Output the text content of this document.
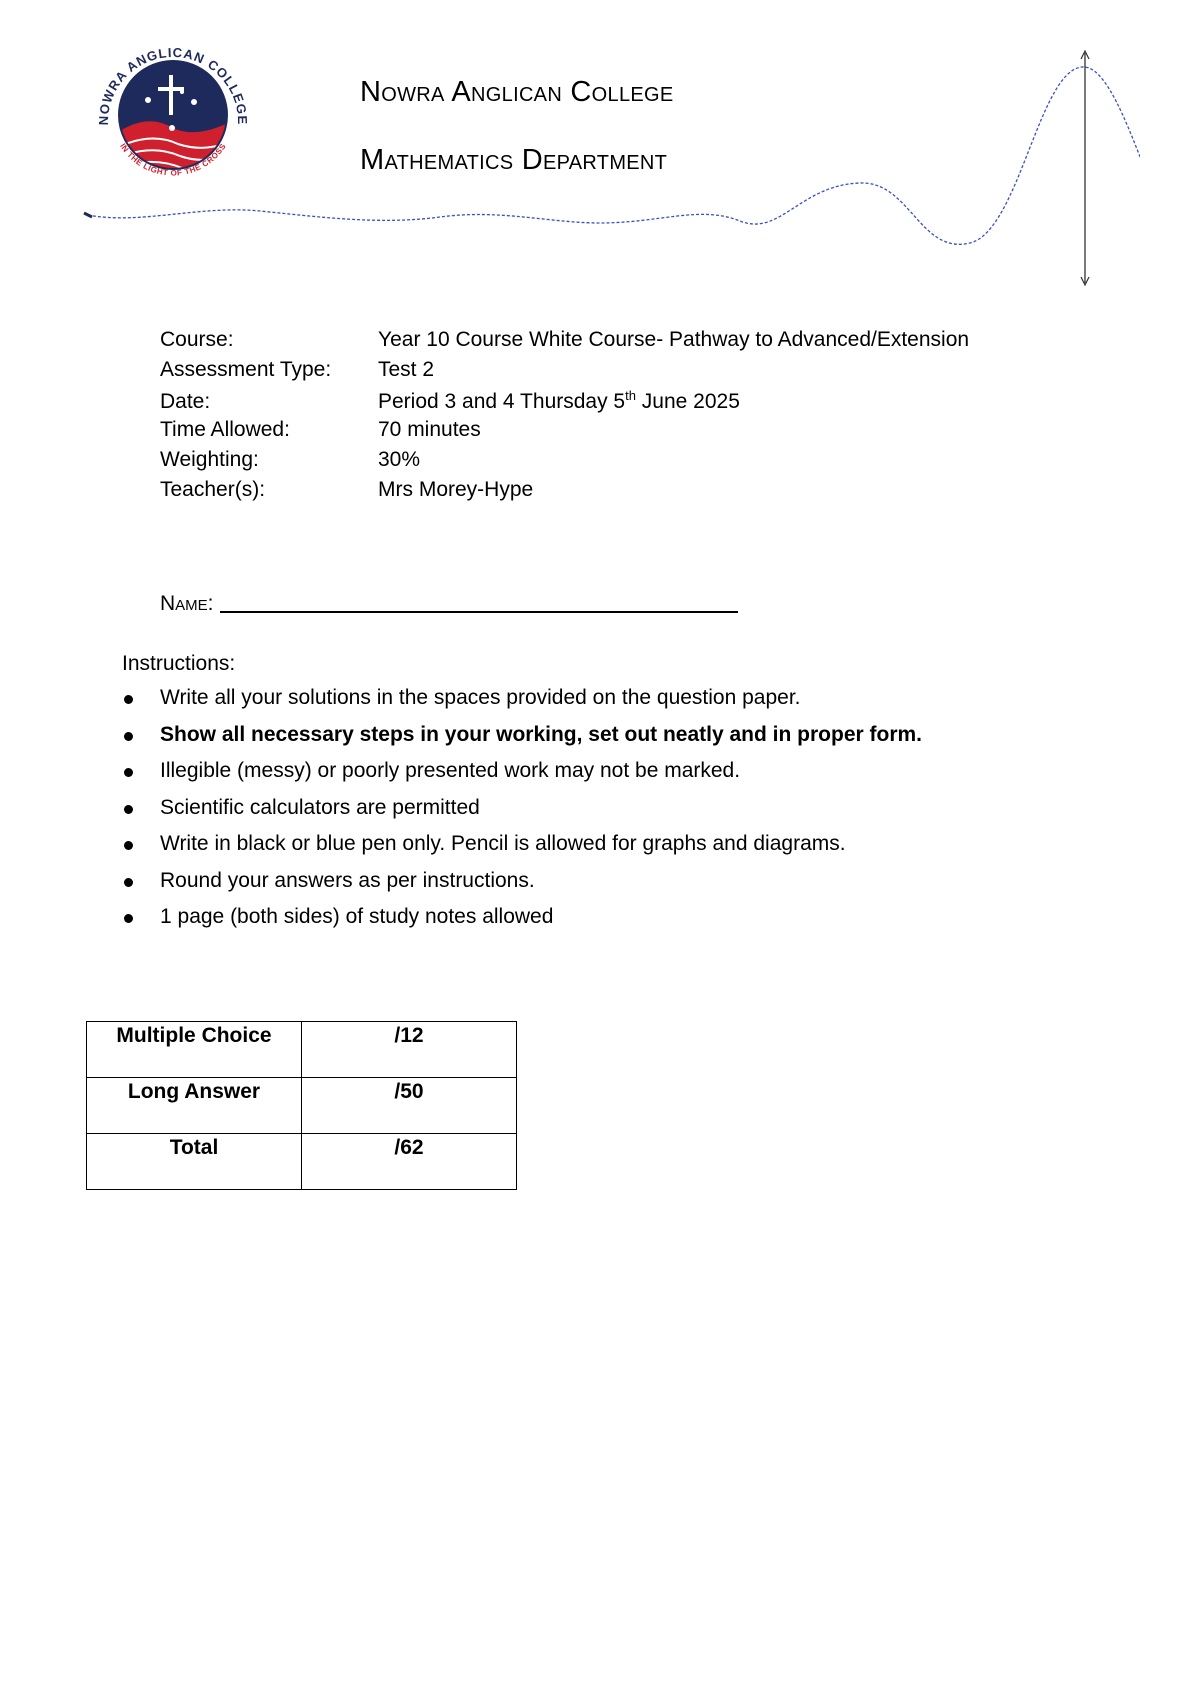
NOWRA ANGLICAN COLLEGE
IN THE LIGHT OF THE CROSS
Nowra Anglican College
Mathematics Department
Course:	Year 10 Course White Course- Pathway to Advanced/Extension
Assessment Type: Test 2
Date:	Period 3 and 4 Thursday 5th June 2025
Time Allowed:	70 minutes
Weighting:	30%
Teacher(s):	Mrs Morey-Hype
Name:
Instructions:
Write all your solutions in the spaces provided on the question paper.
Show all necessary steps in your working, set out neatly and in proper form.
Illegible (messy) or poorly presented work may not be marked.
Scientific calculators are permitted
Write in black or blue pen only. Pencil is allowed for graphs and diagrams.
Round your answers as per instructions.
1 page (both sides) of study notes allowed
Multiple Choice	/12
Long Answer	/50
Total	/62
